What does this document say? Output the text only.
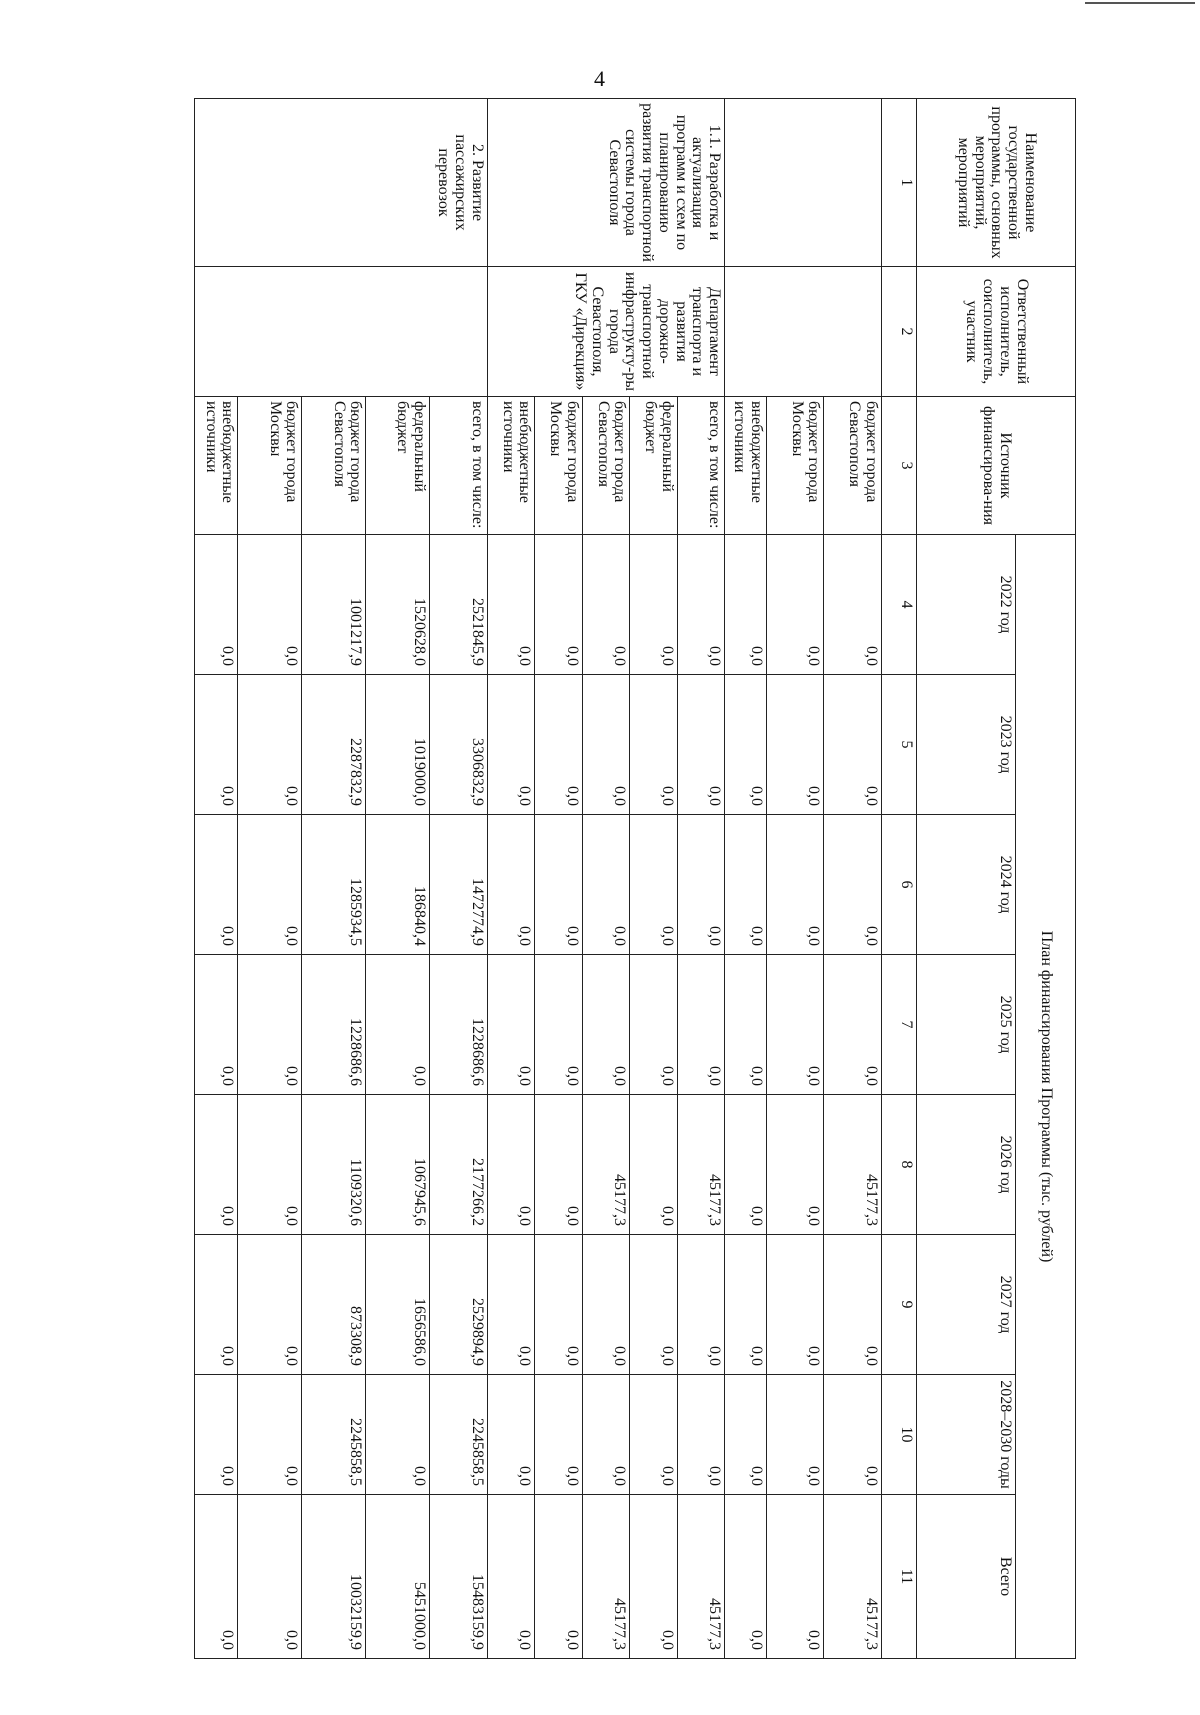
4
Наименование государственной программы, основных мероприятий, мероприятий	Ответственный исполнитель, соисполнитель, участник	Источник финансирова-ния	План финансирования Программы (тыс. рублей)							
			2022 год	2023 год	2024 год	2025 год	2026 год	2027 год	2028–2030 годы	Всего
1	2	3	4	5	6	7	8	9	10	11
		бюджет города Севастополя	0,0	0,0	0,0	0,0	45177,3	0,0	0,0	45177,3
		бюджет города Москвы	0,0	0,0	0,0	0,0	0,0	0,0	0,0	0,0
		внебюджетные источники	0,0	0,0	0,0	0,0	0,0	0,0	0,0	0,0
1.1. Разработка и актуализация программ и схем по планированию развития транспортной системы города Севастополя	Департамент транспорта и развития дорожно-транспортной инфраструкту-ры города Севастополя, ГКУ «Дирекция»	всего, в том числе:	0,0	0,0	0,0	0,0	45177,3	0,0	0,0	45177,3
		федеральный бюджет	0,0	0,0	0,0	0,0	0,0	0,0	0,0	0,0
		бюджет города Севастополя	0,0	0,0	0,0	0,0	45177,3	0,0	0,0	45177,3
		бюджет города Москвы	0,0	0,0	0,0	0,0	0,0	0,0	0,0	0,0
		внебюджетные источники	0,0	0,0	0,0	0,0	0,0	0,0	0,0	0,0
2. Развитие пассажирских перевозок		всего, в том числе:	2521845,9	3306832,9	1472774,9	1228686,6	2177266,2	2529894,9	2245858,5	15483159,9
		федеральный бюджет	1520628,0	1019000,0	186840,4	0,0	1067945,6	1656586,0	0,0	5451000,0
		бюджет города Севастополя	1001217,9	2287832,9	1285934,5	1228686,6	1109320,6	873308,9	2245858,5	10032159,9
		бюджет города Москвы	0,0	0,0	0,0	0,0	0,0	0,0	0,0	0,0
		внебюджетные источники	0,0	0,0	0,0	0,0	0,0	0,0	0,0	0,0
